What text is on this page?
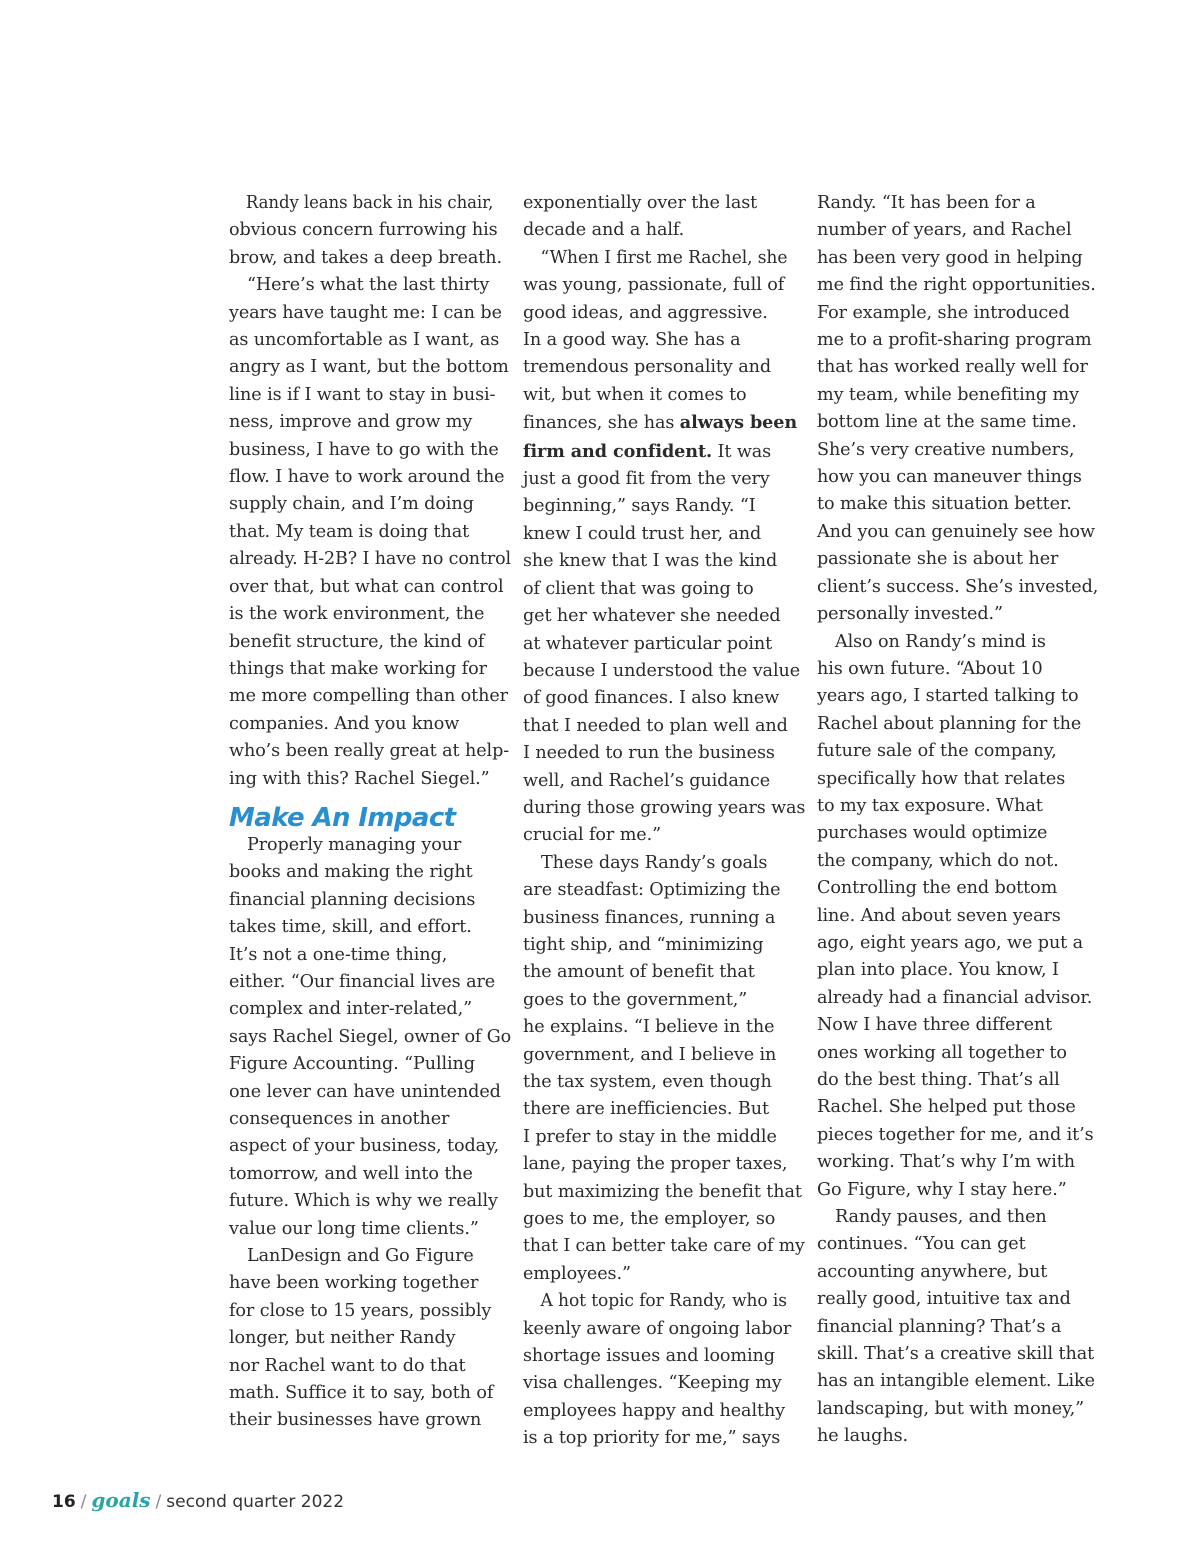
Randy leans back in his chair,
obvious concern furrowing his
brow, and takes a deep breath.
“Here’s what the last thirty
years have taught me: I can be
as uncomfortable as I want, as
angry as I want, but the bottom
line is if I want to stay in busi-
ness, improve and grow my
business, I have to go with the
flow. I have to work around the
supply chain, and I’m doing
that. My team is doing that
already. H-2B? I have no control
over that, but what can control
is the work environment, the
benefit structure, the kind of
things that make working for
me more compelling than other
companies. And you know
who’s been really great at help-
ing with this? Rachel Siegel.”
Make An Impact
Properly managing your
books and making the right
financial planning decisions
takes time, skill, and effort.
It’s not a one-time thing,
either. “Our financial lives are
complex and inter-related,”
says Rachel Siegel, owner of Go
Figure Accounting. “Pulling
one lever can have unintended
consequences in another
aspect of your business, today,
tomorrow, and well into the
future. Which is why we really
value our long time clients.”
LanDesign and Go Figure
have been working together
for close to 15 years, possibly
longer, but neither Randy
nor Rachel want to do that
math. Suffice it to say, both of
their businesses have grown
exponentially over the last
decade and a half.
“When I first me Rachel, she
was young, passionate, full of
good ideas, and aggressive.
In a good way. She has a
tremendous personality and
wit, but when it comes to
finances, she has always been
firm and confident. It was
just a good fit from the very
beginning,” says Randy. “I
knew I could trust her, and
she knew that I was the kind
of client that was going to
get her whatever she needed
at whatever particular point
because I understood the value
of good finances. I also knew
that I needed to plan well and
I needed to run the business
well, and Rachel’s guidance
during those growing years was
crucial for me.”
These days Randy’s goals
are steadfast: Optimizing the
business finances, running a
tight ship, and “minimizing
the amount of benefit that
goes to the government,”
he explains. “I believe in the
government, and I believe in
the tax system, even though
there are inefficiencies. But
I prefer to stay in the middle
lane, paying the proper taxes,
but maximizing the benefit that
goes to me, the employer, so
that I can better take care of my
employees.”
A hot topic for Randy, who is
keenly aware of ongoing labor
shortage issues and looming
visa challenges. “Keeping my
employees happy and healthy
is a top priority for me,” says
Randy. “It has been for a
number of years, and Rachel
has been very good in helping
me find the right opportunities.
For example, she introduced
me to a profit-sharing program
that has worked really well for
my team, while benefiting my
bottom line at the same time.
She’s very creative numbers,
how you can maneuver things
to make this situation better.
And you can genuinely see how
passionate she is about her
client’s success. She’s invested,
personally invested.”
Also on Randy’s mind is
his own future. “About 10
years ago, I started talking to
Rachel about planning for the
future sale of the company,
specifically how that relates
to my tax exposure. What
purchases would optimize
the company, which do not.
Controlling the end bottom
line. And about seven years
ago, eight years ago, we put a
plan into place. You know, I
already had a financial advisor.
Now I have three different
ones working all together to
do the best thing. That’s all
Rachel. She helped put those
pieces together for me, and it’s
working. That’s why I’m with
Go Figure, why I stay here.”
Randy pauses, and then
continues. “You can get
accounting anywhere, but
really good, intuitive tax and
financial planning? That’s a
skill. That’s a creative skill that
has an intangible element. Like
landscaping, but with money,”
he laughs.
16 / goals / second quarter 2022
